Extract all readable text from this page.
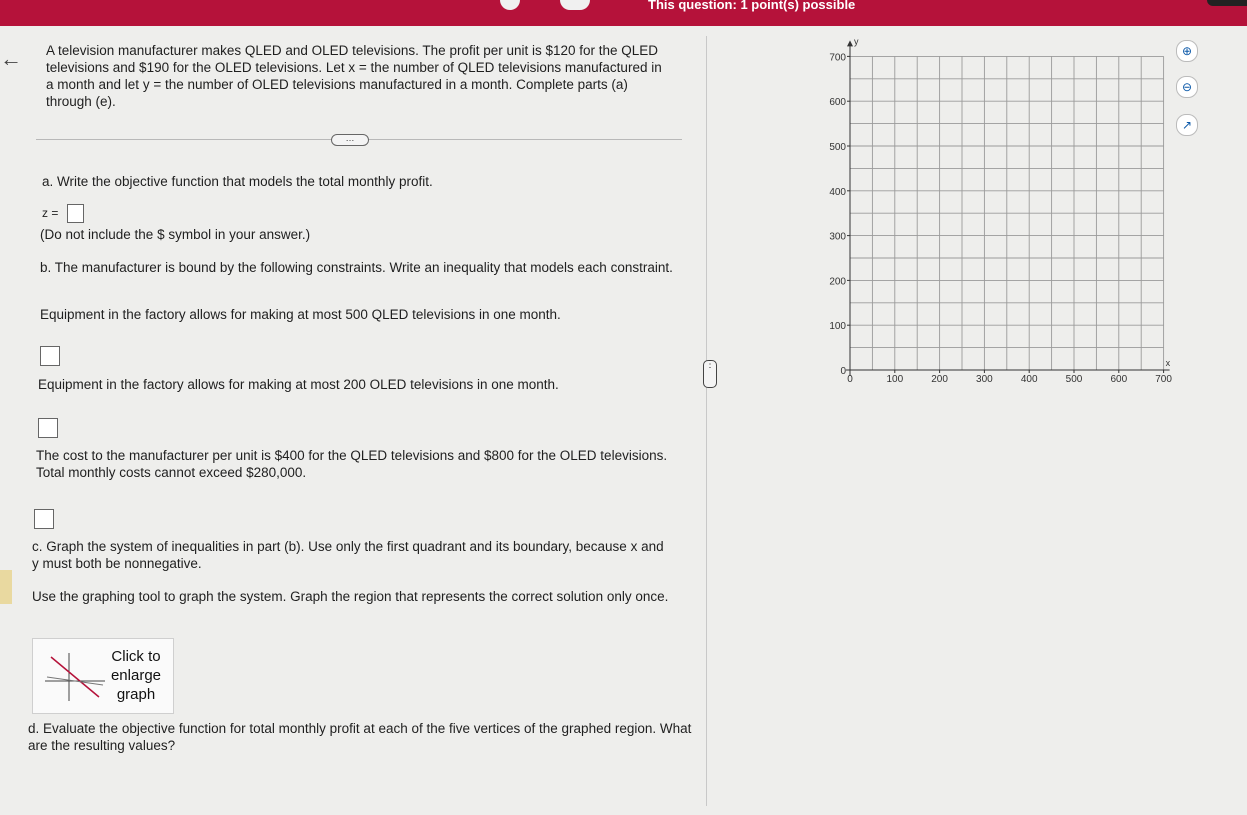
This question: 1 point(s) possible
← A television manufacturer makes QLED and OLED televisions. The profit per unit is $120 for the QLED televisions and $190 for the OLED televisions. Let x = the number of QLED televisions manufactured in a month and let y = the number of OLED televisions manufactured in a month. Complete parts (a) through (e).
…
a. Write the objective function that models the total monthly profit.
z =
(Do not include the $ symbol in your answer.)
b. The manufacturer is bound by the following constraints. Write an inequality that models each constraint.
Equipment in the factory allows for making at most 500 QLED televisions in one month.
Equipment in the factory allows for making at most 200 OLED televisions in one month.
The cost to the manufacturer per unit is $400 for the QLED televisions and $800 for the OLED televisions. Total monthly costs cannot exceed $280,000.
c. Graph the system of inequalities in part (b). Use only the first quadrant and its boundary, because x and y must both be nonnegative.
Use the graphing tool to graph the system. Graph the region that represents the correct solution only once.
Click to enlarge graph
d. Evaluate the objective function for total monthly profit at each of the five vertices of the graphed region. What are the resulting values?
⋮
0
100
200
300
400
500
600
700
0	100	200	300	400	500	600	700
y
x
⊕
⊖
↗
